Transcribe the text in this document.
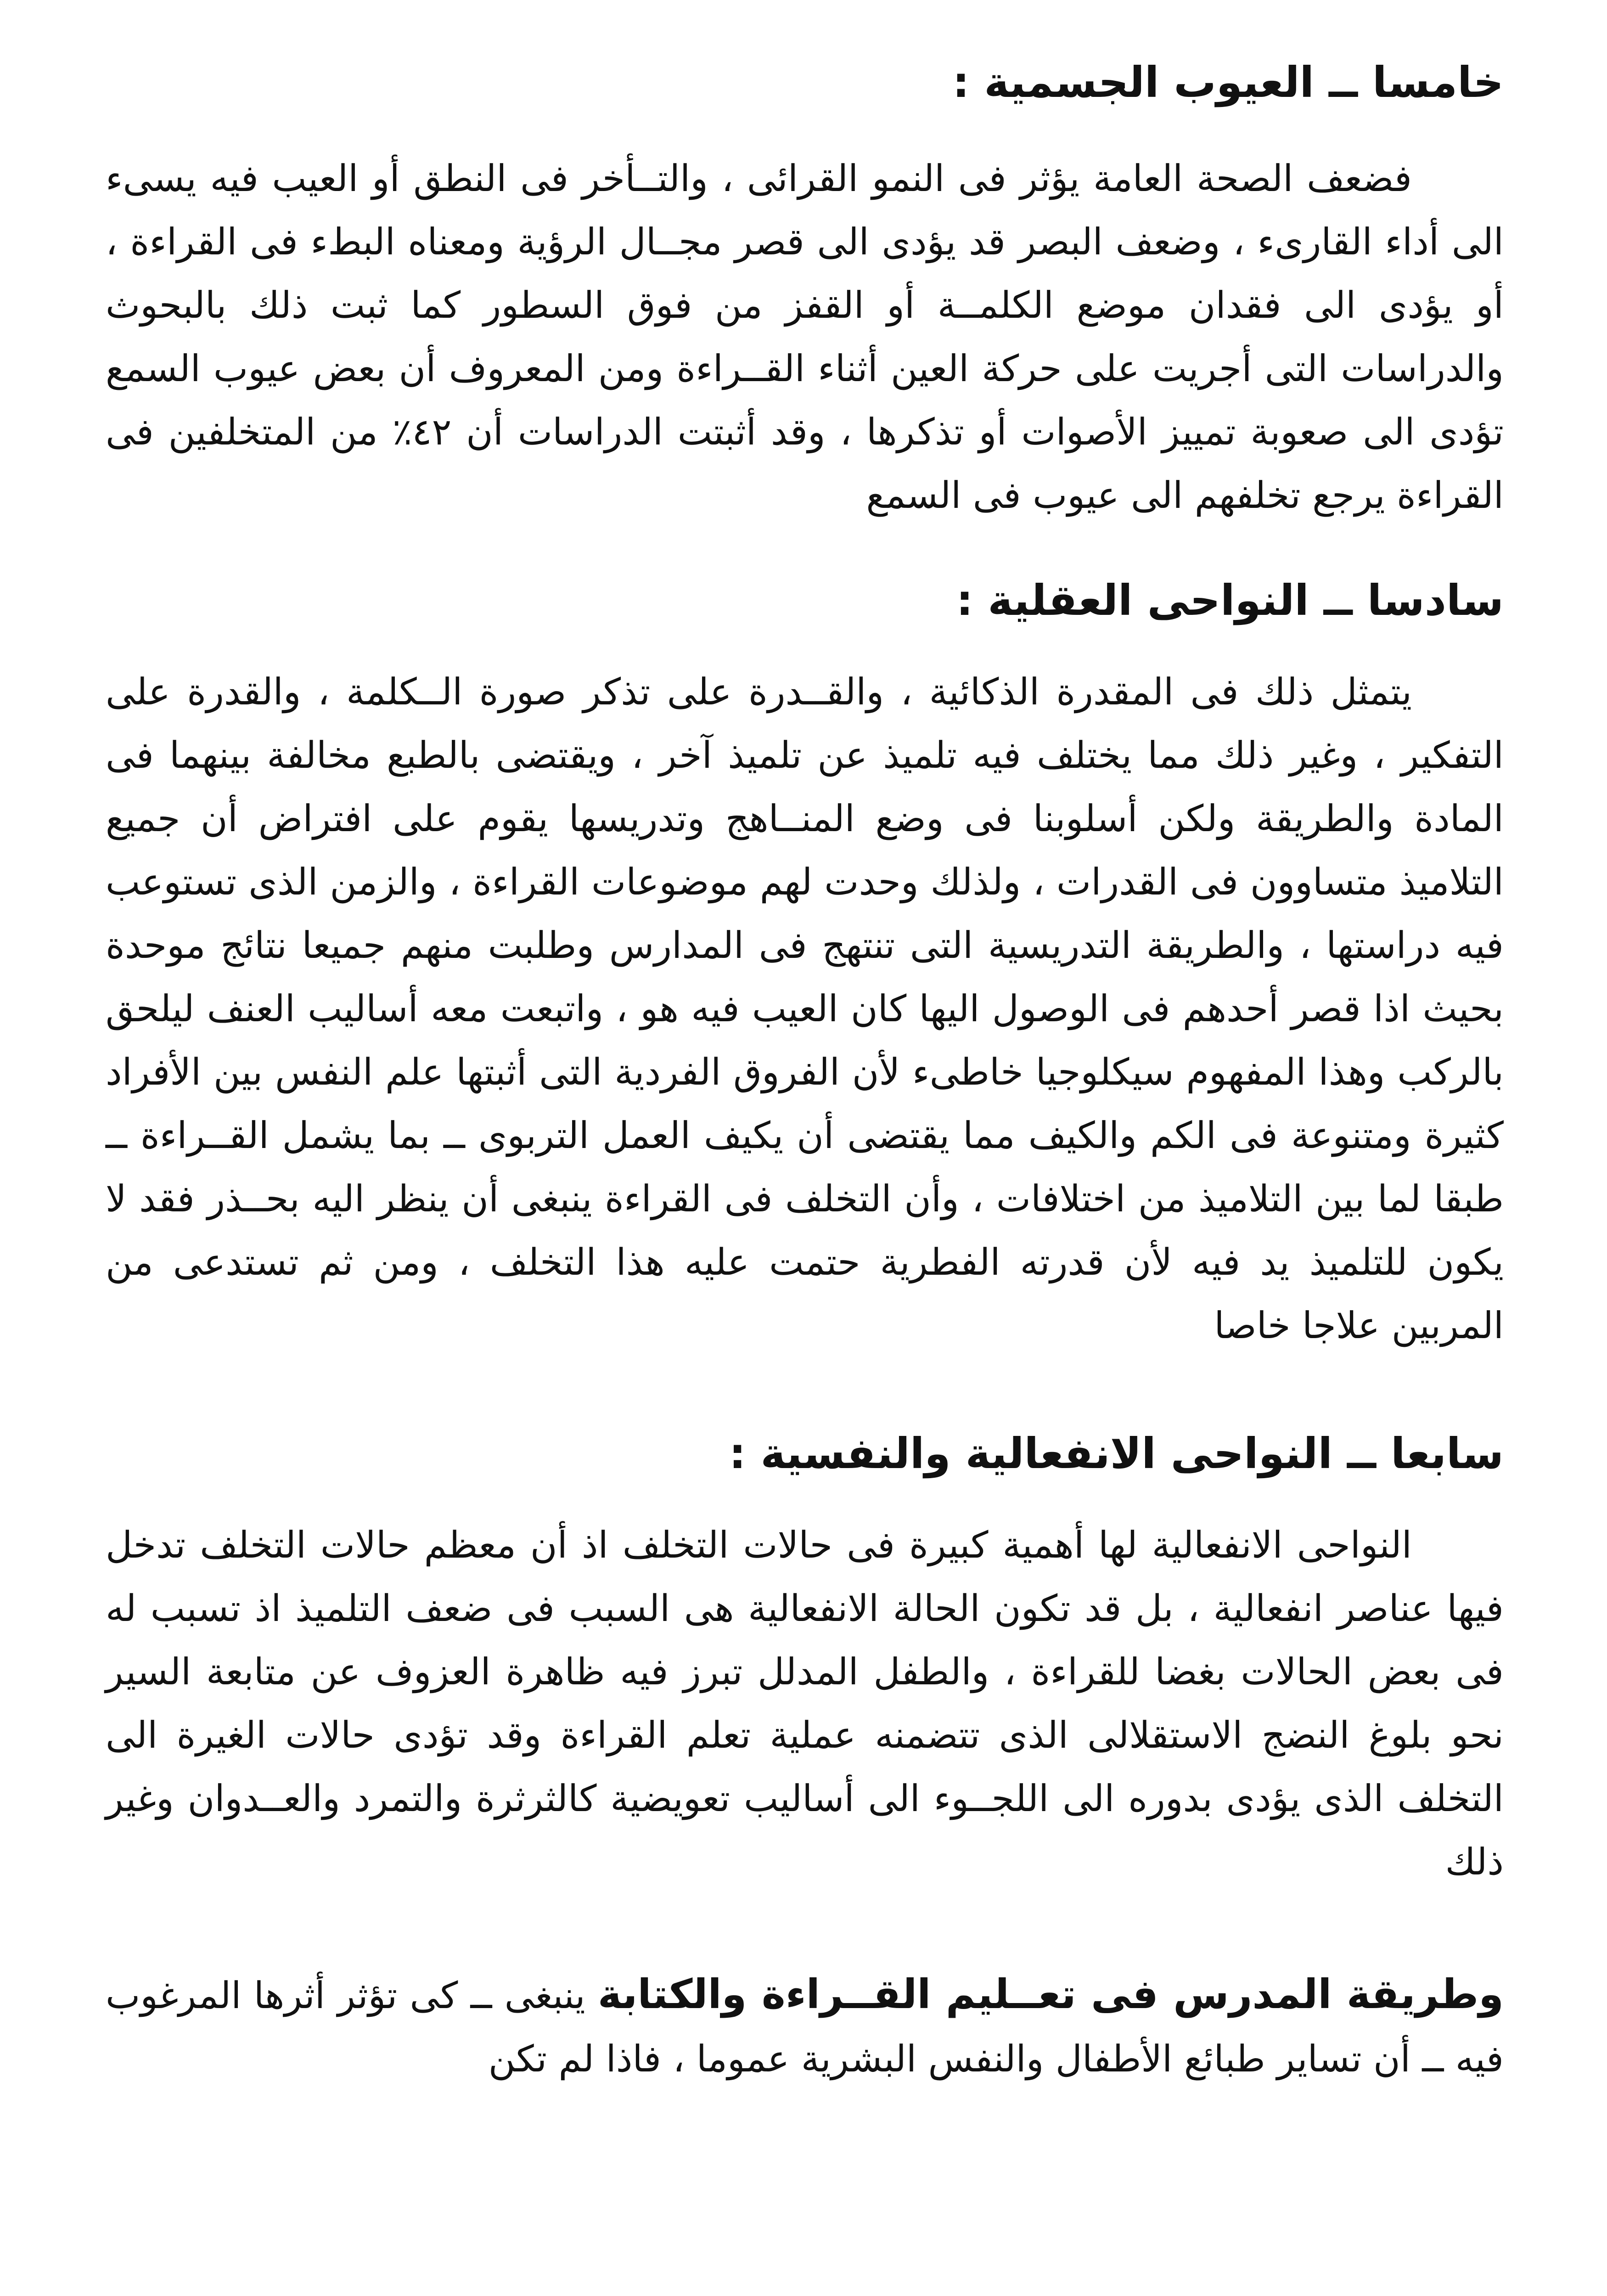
خامسا ــ العيوب الجسمية :

فضعف الصحة العامة يؤثر فى النمو القرائى ، والتــأخر فى النطق أو العيب فيه يسىء الى أداء القارىء ، وضعف البصر قد يؤدى الى قصر مجــال الرؤية ومعناه البطء فى القراءة ، أو يؤدى الى فقدان موضع الكلمــة أو القفز من فوق السطور كما ثبت ذلك بالبحوث والدراسات التى أجريت على حركة العين أثناء القــراءة ومن المعروف أن بعض عيوب السمع تؤدى الى صعوبة تمييز الأصوات أو تذكرها ، وقد أثبتت الدراسات أن ٤٢٪ من المتخلفين فى القراءة يرجع تخلفهم الى عيوب فى السمع

سادسا ــ النواحى العقلية :

يتمثل ذلك فى المقدرة الذكائية ، والقــدرة على تذكر صورة الــكلمة ، والقدرة على التفكير ، وغير ذلك مما يختلف فيه تلميذ عن تلميذ آخر ، ويقتضى بالطبع مخالفة بينهما فى المادة والطريقة ولكن أسلوبنا فى وضع المنــاهج وتدريسها يقوم على افتراض أن جميع التلاميذ متساوون فى القدرات ، ولذلك وحدت لهم موضوعات القراءة ، والزمن الذى تستوعب فيه دراستها ، والطريقة التدريسية التى تنتهج فى المدارس وطلبت منهم جميعا نتائج موحدة بحيث اذا قصر أحدهم فى الوصول اليها كان العيب فيه هو ، واتبعت معه أساليب العنف ليلحق بالركب وهذا المفهوم سيكلوجيا خاطىء لأن الفروق الفردية التى أثبتها علم النفس بين الأفراد كثيرة ومتنوعة فى الكم والكيف مما يقتضى أن يكيف العمل التربوى ــ بما يشمل القــراءة ــ طبقا لما بين التلاميذ من اختلافات ، وأن التخلف فى القراءة ينبغى أن ينظر اليه بحــذر فقد لا يكون للتلميذ يد فيه لأن قدرته الفطرية حتمت عليه هذا التخلف ، ومن ثم تستدعى من المربين علاجا خاصا

سابعا ــ النواحى الانفعالية والنفسية :

النواحى الانفعالية لها أهمية كبيرة فى حالات التخلف اذ أن معظم حالات التخلف تدخل فيها عناصر انفعالية ، بل قد تكون الحالة الانفعالية هى السبب فى ضعف التلميذ اذ تسبب له فى بعض الحالات بغضا للقراءة ، والطفل المدلل تبرز فيه ظاهرة العزوف عن متابعة السير نحو بلوغ النضج الاستقلالى الذى تتضمنه عملية تعلم القراءة وقد تؤدى حالات الغيرة الى التخلف الذى يؤدى بدوره الى اللجــوء الى أساليب تعويضية كالثرثرة والتمرد والعــدوان وغير ذلك

وطريقة المدرس فى تعــليم القــراءة والكتابة ينبغى ــ كى تؤثر أثرها المرغوب فيه ــ أن تساير طبائع الأطفال والنفس البشرية عموما ، فاذا لم تكن
